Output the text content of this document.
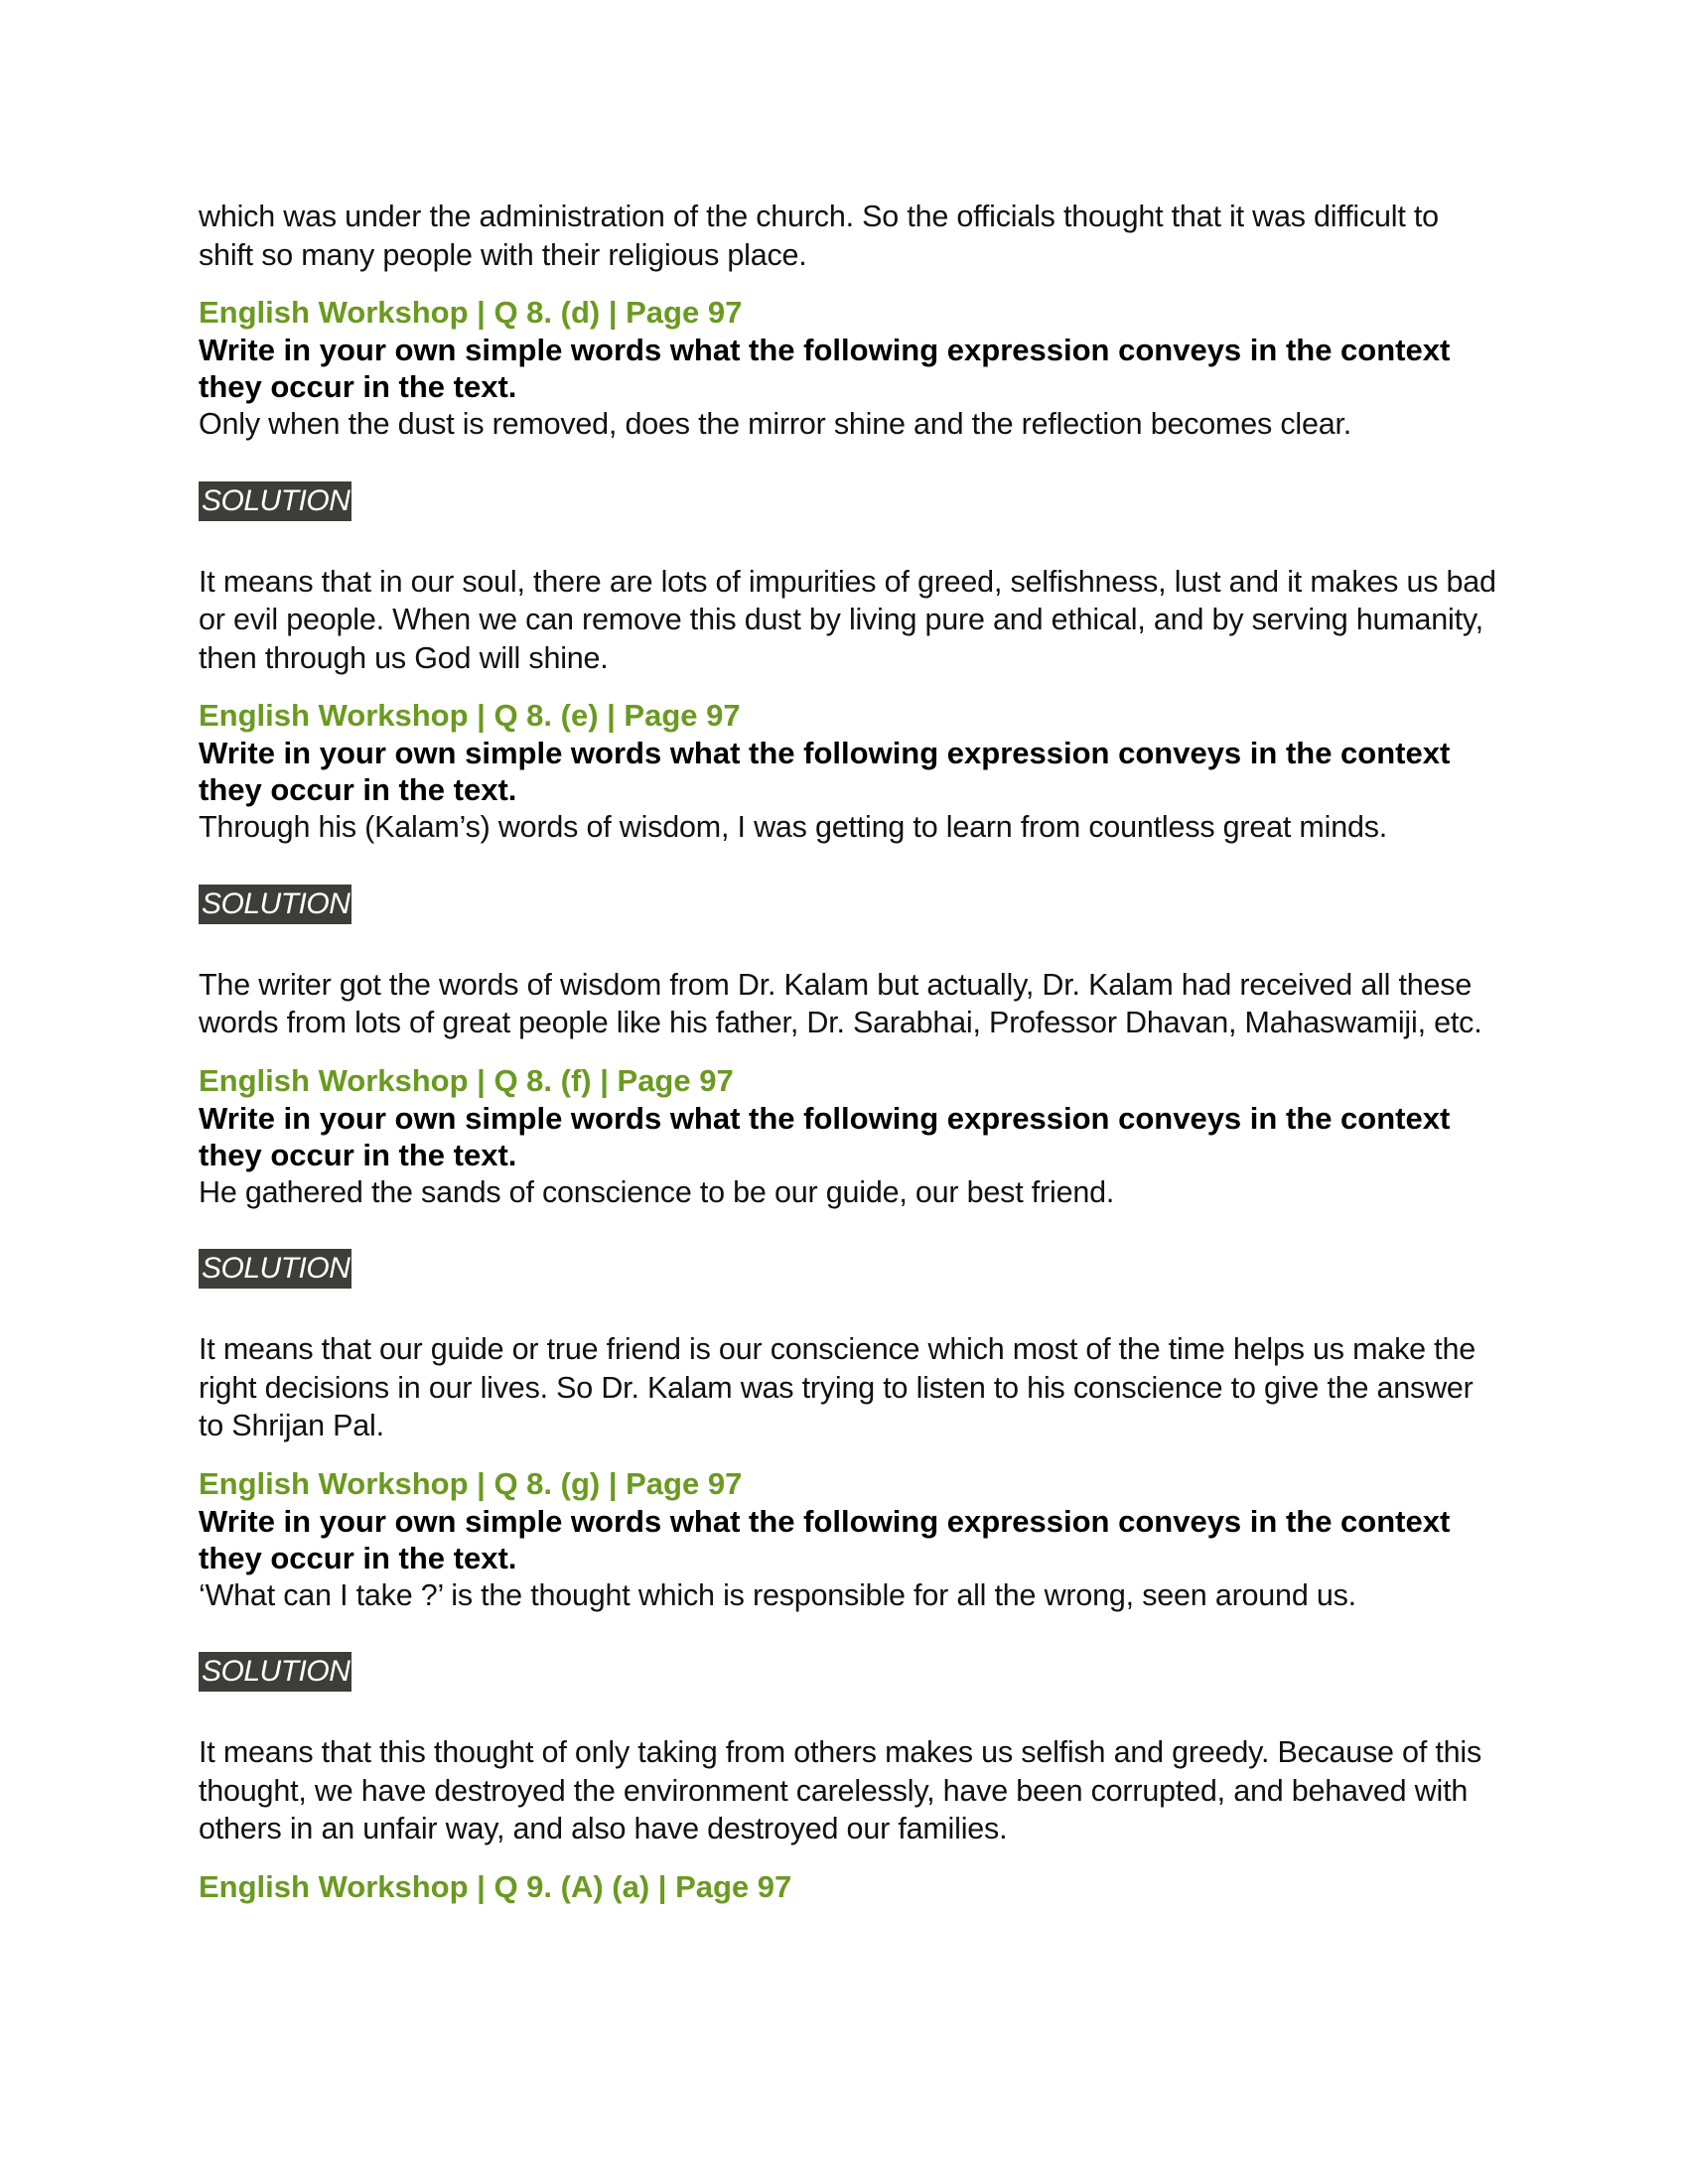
which was under the administration of the church. So the officials thought that it was difficult to shift so many people with their religious place.

English Workshop | Q 8. (d) | Page 97

Write in your own simple words what the following expression conveys in the context they occur in the text.

Only when the dust is removed, does the mirror shine and the reflection becomes clear.

SOLUTION

It means that in our soul, there are lots of impurities of greed, selfishness, lust and it makes us bad or evil people. When we can remove this dust by living pure and ethical, and by serving humanity, then through us God will shine.

English Workshop | Q 8. (e) | Page 97

Write in your own simple words what the following expression conveys in the context they occur in the text.

Through his (Kalam’s) words of wisdom, I was getting to learn from countless great minds.

SOLUTION

The writer got the words of wisdom from Dr. Kalam but actually, Dr. Kalam had received all these words from lots of great people like his father, Dr. Sarabhai, Professor Dhavan, Mahaswamiji, etc.

English Workshop | Q 8. (f) | Page 97

Write in your own simple words what the following expression conveys in the context they occur in the text.

He gathered the sands of conscience to be our guide, our best friend.

SOLUTION

It means that our guide or true friend is our conscience which most of the time helps us make the right decisions in our lives. So Dr. Kalam was trying to listen to his conscience to give the answer to Shrijan Pal.

English Workshop | Q 8. (g) | Page 97

Write in your own simple words what the following expression conveys in the context they occur in the text.

‘What can I take ?’ is the thought which is responsible for all the wrong, seen around us.

SOLUTION

It means that this thought of only taking from others makes us selfish and greedy. Because of this thought, we have destroyed the environment carelessly, have been corrupted, and behaved with others in an unfair way, and also have destroyed our families.

English Workshop | Q 9. (A) (a) | Page 97
